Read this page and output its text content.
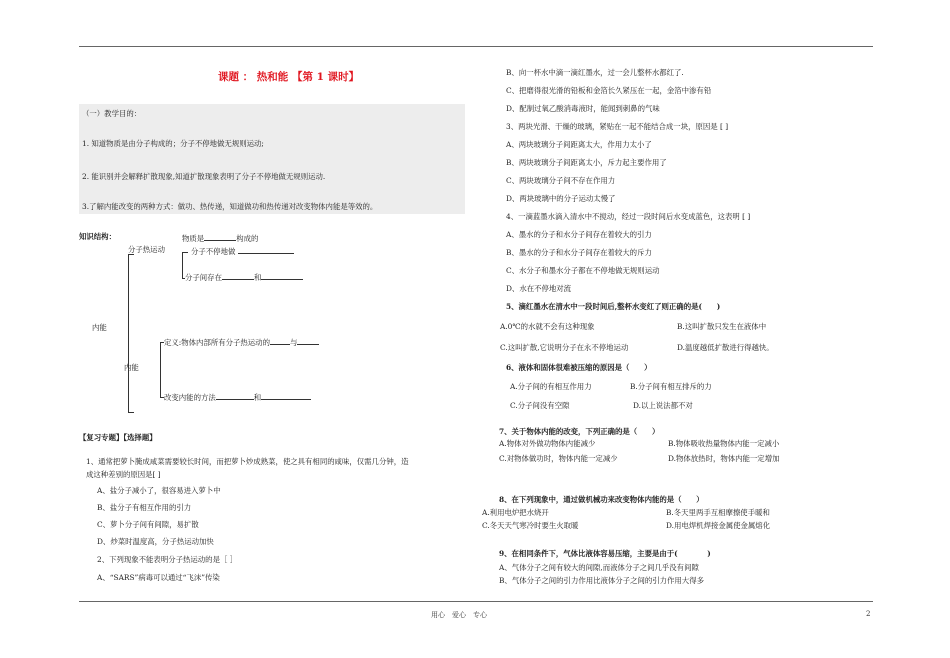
课题 ： 热和能 【第 1 课时】
（一）教学目的：
1. 知道物质是由分子构成的；分子不停地做无规则运动;
2. 能识别并会解释扩散现象,知道扩散现象表明了分子不停地做无规则运动.
3.了解内能改变的两种方式：做功、热传递，知道做功和热传递对改变物体内能是等效的。
知识结构：	物质是	构成的
分子热运动	分子不停地做
分子间存在	和
内能
定义:物体内部所有分子热运动的	与
内能
改变内能的方法	和
【复习专题】【选择题】
1、通常把萝卜腌成咸菜需要较长时间，而把萝卜炒成熟菜，使之具有相同的咸味，仅需几分钟，造
成这种差别的原因是[ ]
A、盐分子减小了，很容易进入萝卜中
B、盐分子有相互作用的引力
C、萝卜分子间有间隙，易扩散
D、炒菜时温度高，分子热运动加快
2、下列现象不能表明分子热运动的是［ ］
A、“SARS”病毒可以通过“飞沫”传染
B、向一杯水中滴一滴红墨水，过一会儿整杯水都红了.
C、把磨得很光滑的铅板和金箔长久紧压在一起，金箔中渗有铅
D、配制过氧乙酸消毒液时，能闻到刺鼻的气味
3、两块光滑、干燥的玻璃，紧贴在一起不能结合成一块，原因是 [ ]
A、两块玻璃分子间距离太大，作用力太小了
B、两块玻璃分子间距离太小，斥力起主要作用了
C、两块玻璃分子间不存在作用力
D、两块玻璃中的分子运动太慢了
4、一滴蓝墨水滴入清水中不搅动，经过一段时间后水变成蓝色，这表明 [ ]
A、墨水的分子和水分子间存在着较大的引力
B、墨水的分子和水分子间存在着较大的斥力
C、水分子和墨水分子都在不停地做无规则运动
D、水在不停地对流
5、滴红墨水在清水中一段时间后,整杯水变红了则正确的是(　　)
A.0℃的水就不会有这种现象	B.这叫扩散只发生在液体中
C.这叫扩散,它说明分子在永不停地运动	D.温度越低扩散进行得越快。
6、液体和固体很难被压缩的原因是（　　）
A.分子间的有相互作用力	B.分子间有相互排斥的力
C.分子间没有空隙	D.以上说法都不对
7、关于物体内能的改变，下列正确的是（　　）
A.物体对外做功物体内能减少	B.物体吸收热量物体内能一定减小
C.对物体做功时，物体内能一定减少	D.物体放热时，物体内能一定增加
8、在下列现象中，通过做机械功来改变物体内能的是（　　）
A.利用电炉把水烧开	B.冬天里两手互相摩擦使手暖和
C.冬天天气寒冷时要生火取暖	D.用电焊机焊接金属使金属熔化
9、在相同条件下，气体比液体容易压缩，主要是由于(　　　　)
A、气体分子之间有较大的间隙,而液体分子之间几乎没有间隙
B、气体分子之间的引力作用比液体分子之间的引力作用大得多
用心　爱心　专心	2
